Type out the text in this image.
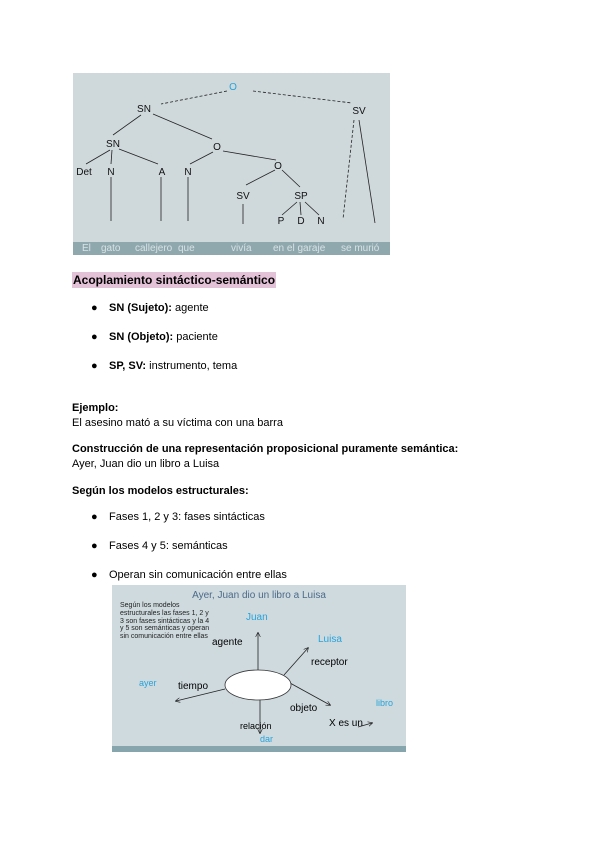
O
SN	SV
SN	O
Det N	A N
O
SV	SP
P D N
El gato callejero que	vivía en el garaje se murió
Acoplamiento sintáctico-semántico
● SN (Sujeto): agente
● SN (Objeto): paciente
● SP, SV: instrumento, tema
Ejemplo:
El asesino mató a su víctima con una barra
Construcción de una representación proposicional puramente semántica:
Ayer, Juan dio un libro a Luisa
Según los modelos estructurales:
● Fases 1, 2 y 3: fases sintácticas
● Fases 4 y 5: semánticas
● Operan sin comunicación entre ellas
Ayer, Juan dio un libro a Luisa
Según los modelos estructurales las fases 1, 2 y 3 son fases sintácticas y la 4 y 5 son semánticas y operan sin comunicación entre ellas
Juan
agente	Luisa
receptor
ayer tiempo
objeto	libro
X es un
relación
dar
